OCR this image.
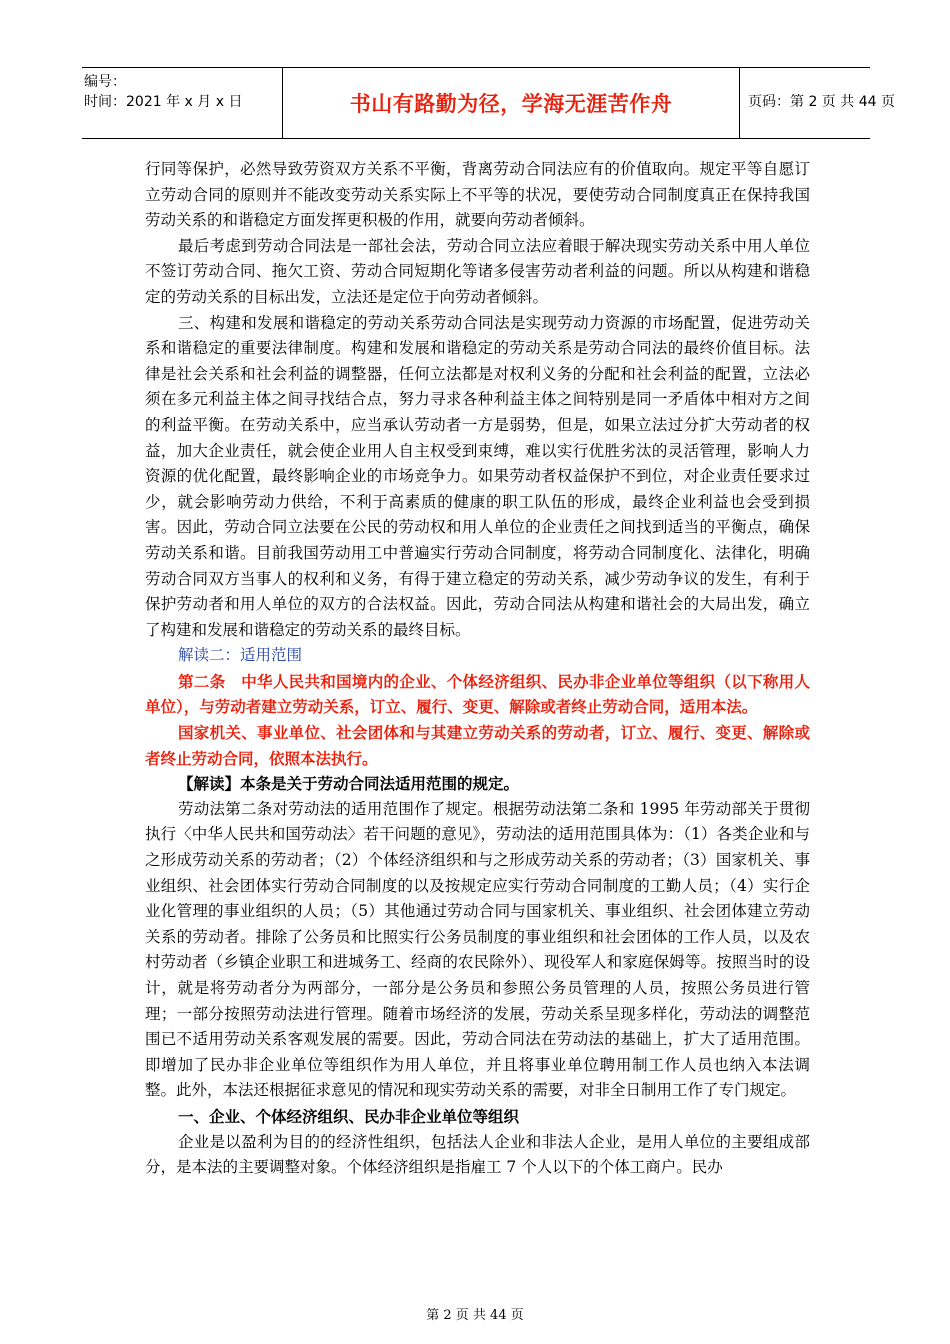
编号：
时间：2021 年 x 月 x 日	书山有路勤为径，学海无涯苦作舟	页码：第 2 页 共 44 页

行同等保护，必然导致劳资双方关系不平衡，背离劳动合同法应有的价值取向。规定平等自愿订立劳动合同的原则并不能改变劳动关系实际上不平等的状况，要使劳动合同制度真正在保持我国劳动关系的和谐稳定方面发挥更积极的作用，就要向劳动者倾斜。

最后考虑到劳动合同法是一部社会法，劳动合同立法应着眼于解决现实劳动关系中用人单位不签订劳动合同、拖欠工资、劳动合同短期化等诸多侵害劳动者利益的问题。所以从构建和谐稳定的劳动关系的目标出发，立法还是定位于向劳动者倾斜。

三、构建和发展和谐稳定的劳动关系劳动合同法是实现劳动力资源的市场配置，促进劳动关系和谐稳定的重要法律制度。构建和发展和谐稳定的劳动关系是劳动合同法的最终价值目标。法律是社会关系和社会利益的调整器，任何立法都是对权利义务的分配和社会利益的配置，立法必须在多元利益主体之间寻找结合点，努力寻求各种利益主体之间特别是同一矛盾体中相对方之间的利益平衡。在劳动关系中，应当承认劳动者一方是弱势，但是，如果立法过分扩大劳动者的权益，加大企业责任，就会使企业用人自主权受到束缚，难以实行优胜劣汰的灵活管理，影响人力资源的优化配置，最终影响企业的市场竞争力。如果劳动者权益保护不到位，对企业责任要求过少，就会影响劳动力供给，不利于高素质的健康的职工队伍的形成，最终企业利益也会受到损害。因此，劳动合同立法要在公民的劳动权和用人单位的企业责任之间找到适当的平衡点，确保劳动关系和谐。目前我国劳动用工中普遍实行劳动合同制度，将劳动合同制度化、法律化，明确劳动合同双方当事人的权利和义务，有得于建立稳定的劳动关系，减少劳动争议的发生，有利于保护劳动者和用人单位的双方的合法权益。因此，劳动合同法从构建和谐社会的大局出发，确立了构建和发展和谐稳定的劳动关系的最终目标。

解读二：适用范围

第二条　中华人民共和国境内的企业、个体经济组织、民办非企业单位等组织（以下称用人单位），与劳动者建立劳动关系，订立、履行、变更、解除或者终止劳动合同，适用本法。

国家机关、事业单位、社会团体和与其建立劳动关系的劳动者，订立、履行、变更、解除或者终止劳动合同，依照本法执行。

【解读】本条是关于劳动合同法适用范围的规定。

劳动法第二条对劳动法的适用范围作了规定。根据劳动法第二条和 1995 年劳动部关于贯彻执行〈中华人民共和国劳动法〉若干问题的意见》，劳动法的适用范围具体为：（1）各类企业和与之形成劳动关系的劳动者；（2）个体经济组织和与之形成劳动关系的劳动者；（3）国家机关、事业组织、社会团体实行劳动合同制度的以及按规定应实行劳动合同制度的工勤人员；（4）实行企业化管理的事业组织的人员；（5）其他通过劳动合同与国家机关、事业组织、社会团体建立劳动关系的劳动者。排除了公务员和比照实行公务员制度的事业组织和社会团体的工作人员，以及农村劳动者（乡镇企业职工和进城务工、经商的农民除外）、现役军人和家庭保姆等。按照当时的设计，就是将劳动者分为两部分，一部分是公务员和参照公务员管理的人员，按照公务员进行管理；一部分按照劳动法进行管理。随着市场经济的发展，劳动关系呈现多样化，劳动法的调整范围已不适用劳动关系客观发展的需要。因此，劳动合同法在劳动法的基础上，扩大了适用范围。即增加了民办非企业单位等组织作为用人单位，并且将事业单位聘用制工作人员也纳入本法调整。此外，本法还根据征求意见的情况和现实劳动关系的需要，对非全日制用工作了专门规定。

一、企业、个体经济组织、民办非企业单位等组织

企业是以盈利为目的的经济性组织，包括法人企业和非法人企业，是用人单位的主要组成部分，是本法的主要调整对象。个体经济组织是指雇工 7 个人以下的个体工商户。民办

第 2 页 共 44 页
